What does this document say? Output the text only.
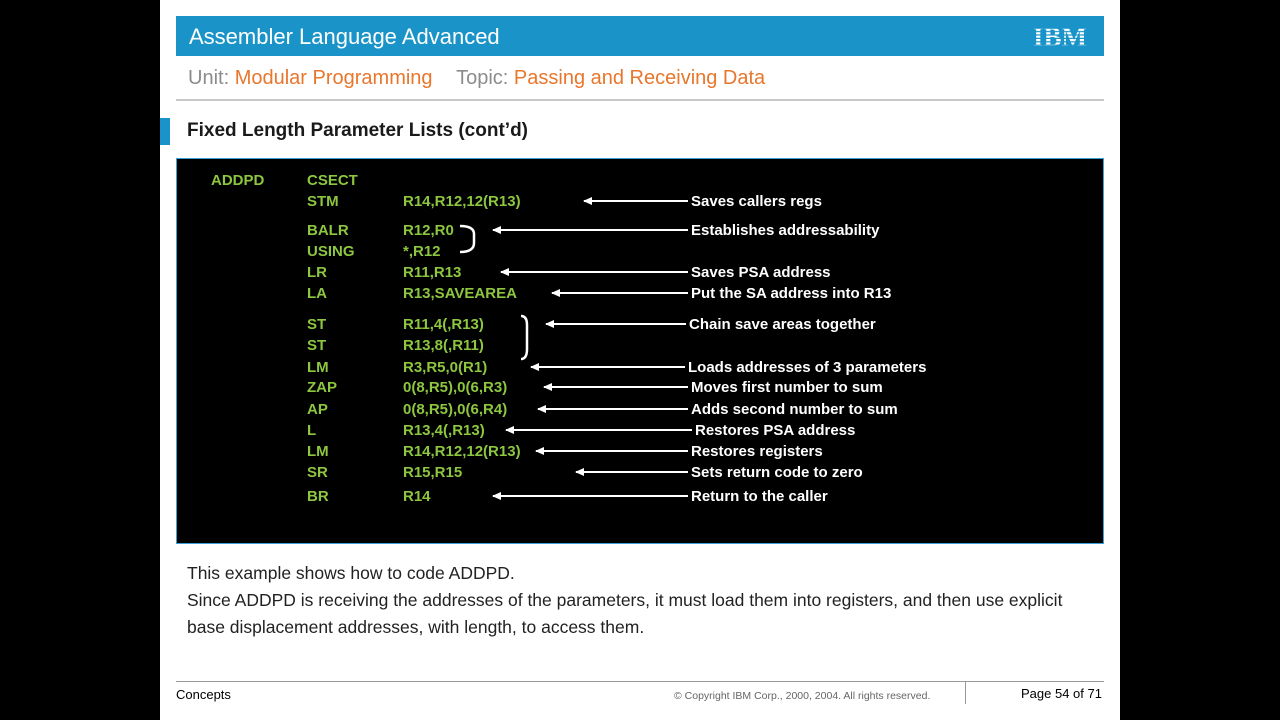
Assembler Language Advanced	IBM
Unit: Modular Programming Topic: Passing and Receiving Data
Fixed Length Parameter Lists (cont’d)
ADDPD	CSECT
STM	R14,R12,12(R13)	Saves callers regs
BALR	R12,R0	Establishes addressability
USING	*,R12
LR	R11,R13	Saves PSA address
LA	R13,SAVEAREA	Put the SA address into R13
ST	R11,4(,R13)	Chain save areas together
ST	R13,8(,R11)
LM	R3,R5,0(R1)	Loads addresses of 3 parameters
ZAP	0(8,R5),0(6,R3)	Moves first number to sum
AP	0(8,R5),0(6,R4)	Adds second number to sum
L	R13,4(,R13)	Restores PSA address
LM	R14,R12,12(R13)	Restores registers
SR	R15,R15	Sets return code to zero
BR	R14	Return to the caller

This example shows how to code ADDPD.

Since ADDPD is receiving the addresses of the parameters, it must load them into registers, and then use explicit base displacement addresses, with length, to access them.

Concepts	© Copyright IBM Corp., 2000, 2004. All rights reserved.	Page 54 of 71
